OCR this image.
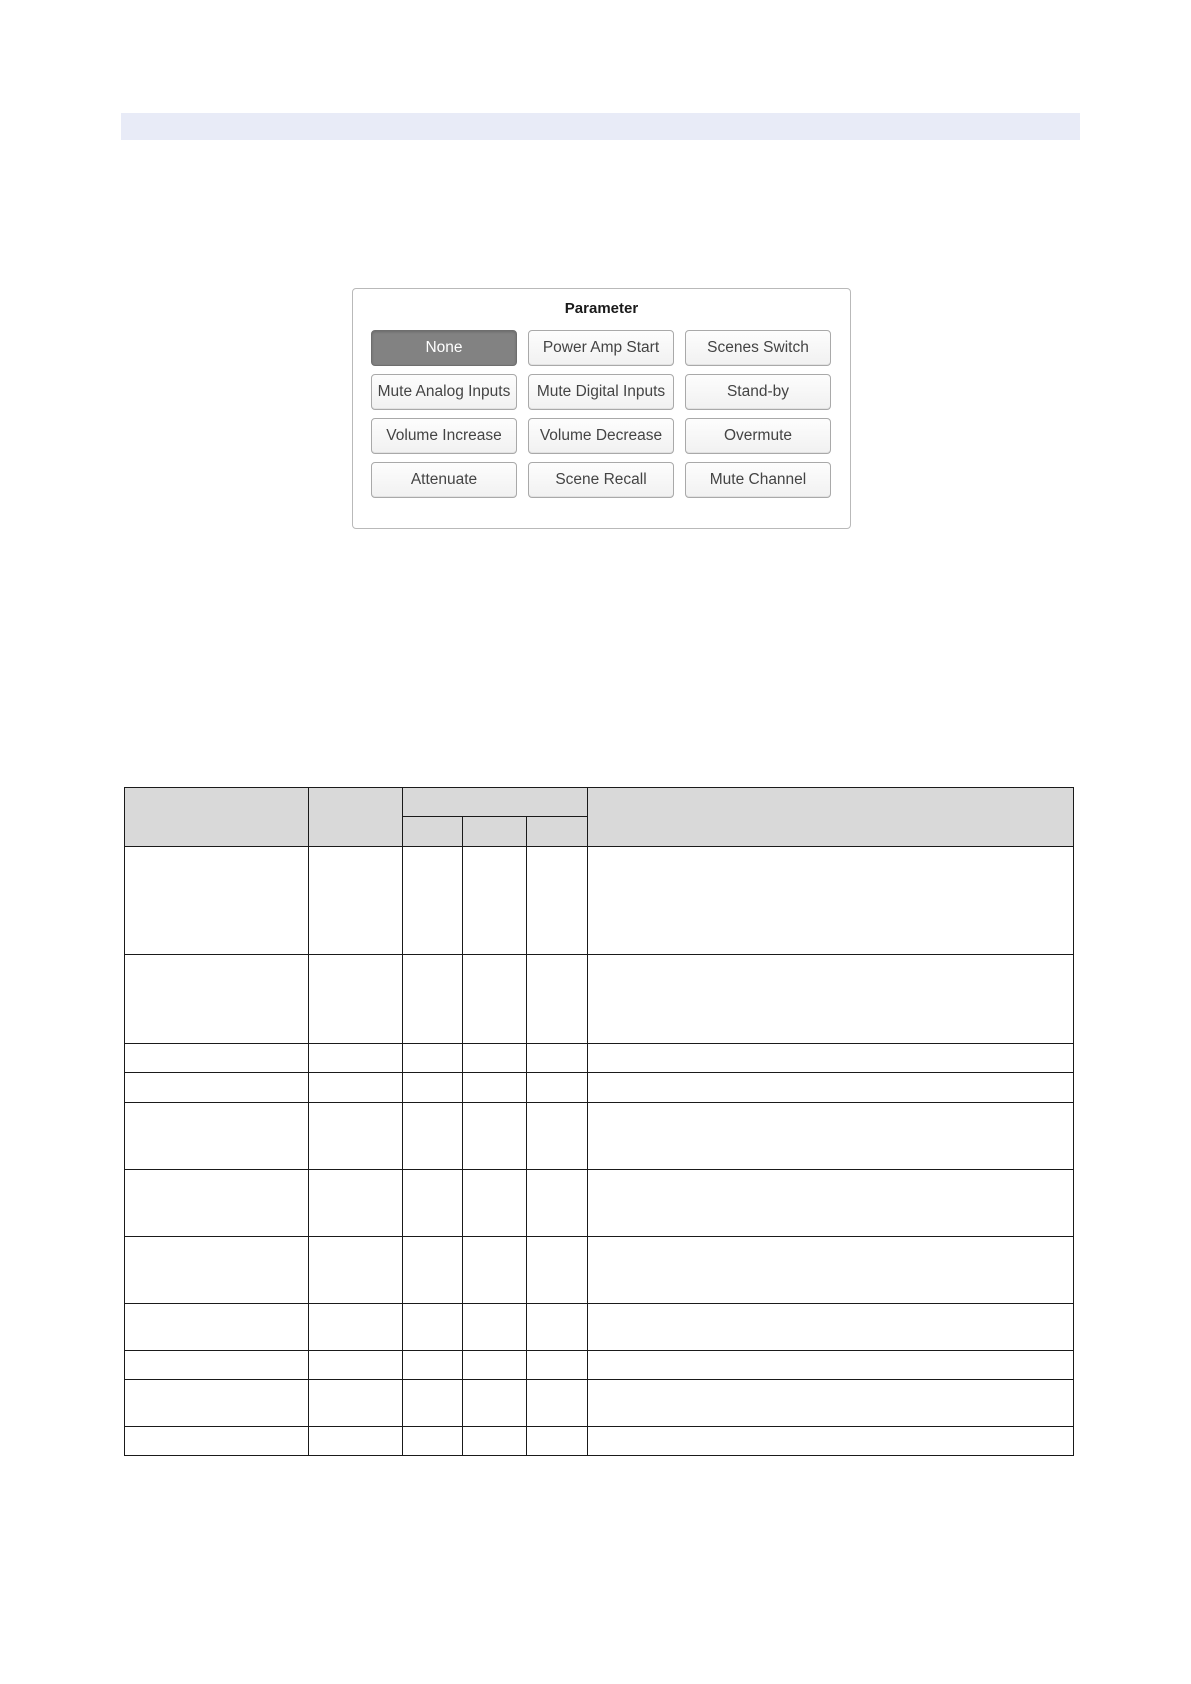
Parameter
None	Power Amp Start	Scenes Switch
Mute Analog Inputs	Mute Digital Inputs	Stand-by
Volume Increase	Volume Decrease	Overmute
Attenuate	Scene Recall	Mute Channel
